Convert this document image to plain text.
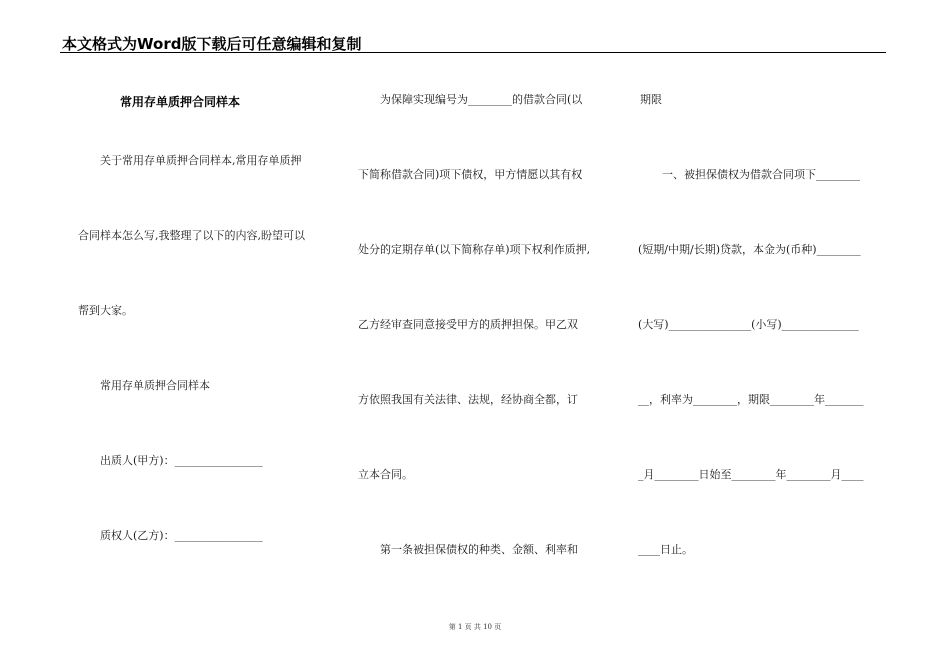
本文格式为Word版下载后可任意编辑和复制
常用存单质押合同样本
关于常用存单质押合同样本,常用存单质押
合同样本怎么写,我整理了以下的内容,盼望可以
帮到大家。
常用存单质押合同样本
出质人(甲方)：________________
质权人(乙方)：________________
为保障实现编号为________的借款合同(以
下简称借款合同)项下债权，甲方情愿以其有权
处分的定期存单(以下简称存单)项下权利作质押,
乙方经审查同意接受甲方的质押担保。甲乙双
方依照我国有关法律、法规，经协商全都，订
立本合同。
第一条被担保债权的种类、金额、利率和
期限
一、被担保债权为借款合同项下________
(短期/中期/长期)贷款，本金为(币种)________
(大写)_______________(小写)______________
__，利率为________，期限________年_______
_月________日始至________年________月____
____日止。
第 1 页 共 10 页
